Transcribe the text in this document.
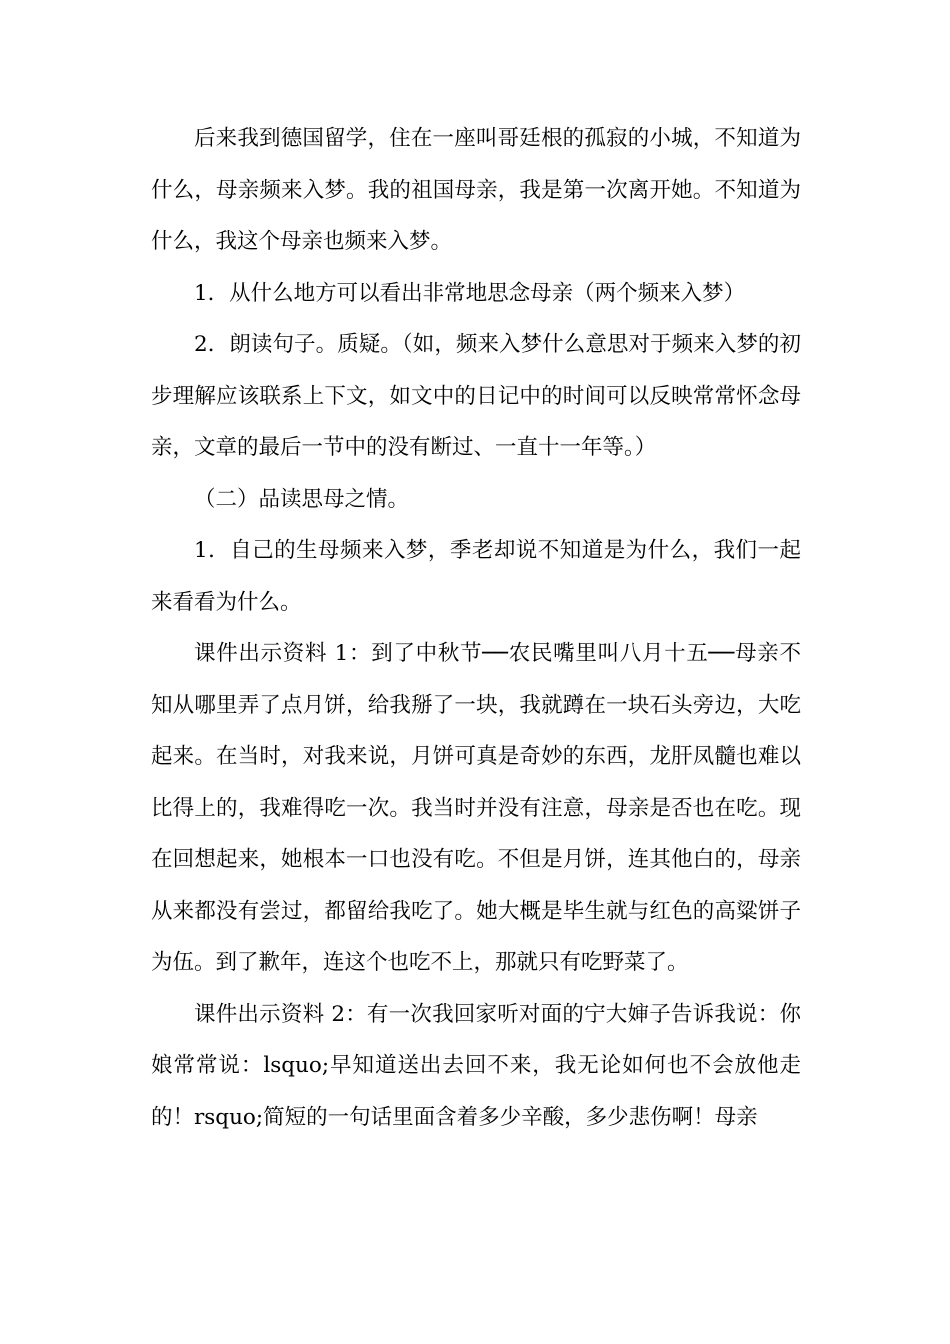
后来我到德国留学，住在一座叫哥廷根的孤寂的小城，不知道为什么，母亲频来入梦。我的祖国母亲，我是第一次离开她。不知道为什么，我这个母亲也频来入梦。

1．从什么地方可以看出非常地思念母亲（两个频来入梦）

2．朗读句子。质疑。（如，频来入梦什么意思对于频来入梦的初步理解应该联系上下文，如文中的日记中的时间可以反映常常怀念母亲，文章的最后一节中的没有断过、一直十一年等。）

（二）品读思母之情。

1．自己的生母频来入梦，季老却说不知道是为什么，我们一起来看看为什么。

课件出示资料 1：到了中秋节──农民嘴里叫八月十五──母亲不知从哪里弄了点月饼，给我掰了一块，我就蹲在一块石头旁边，大吃起来。在当时，对我来说，月饼可真是奇妙的东西，龙肝凤髓也难以比得上的，我难得吃一次。我当时并没有注意，母亲是否也在吃。现在回想起来，她根本一口也没有吃。不但是月饼，连其他白的，母亲从来都没有尝过，都留给我吃了。她大概是毕生就与红色的高粱饼子为伍。到了歉年，连这个也吃不上，那就只有吃野菜了。

课件出示资料 2：有一次我回家听对面的宁大婶子告诉我说：你娘常常说：lsquo;早知道送出去回不来，我无论如何也不会放他走的！rsquo;简短的一句话里面含着多少辛酸，多少悲伤啊！母亲
